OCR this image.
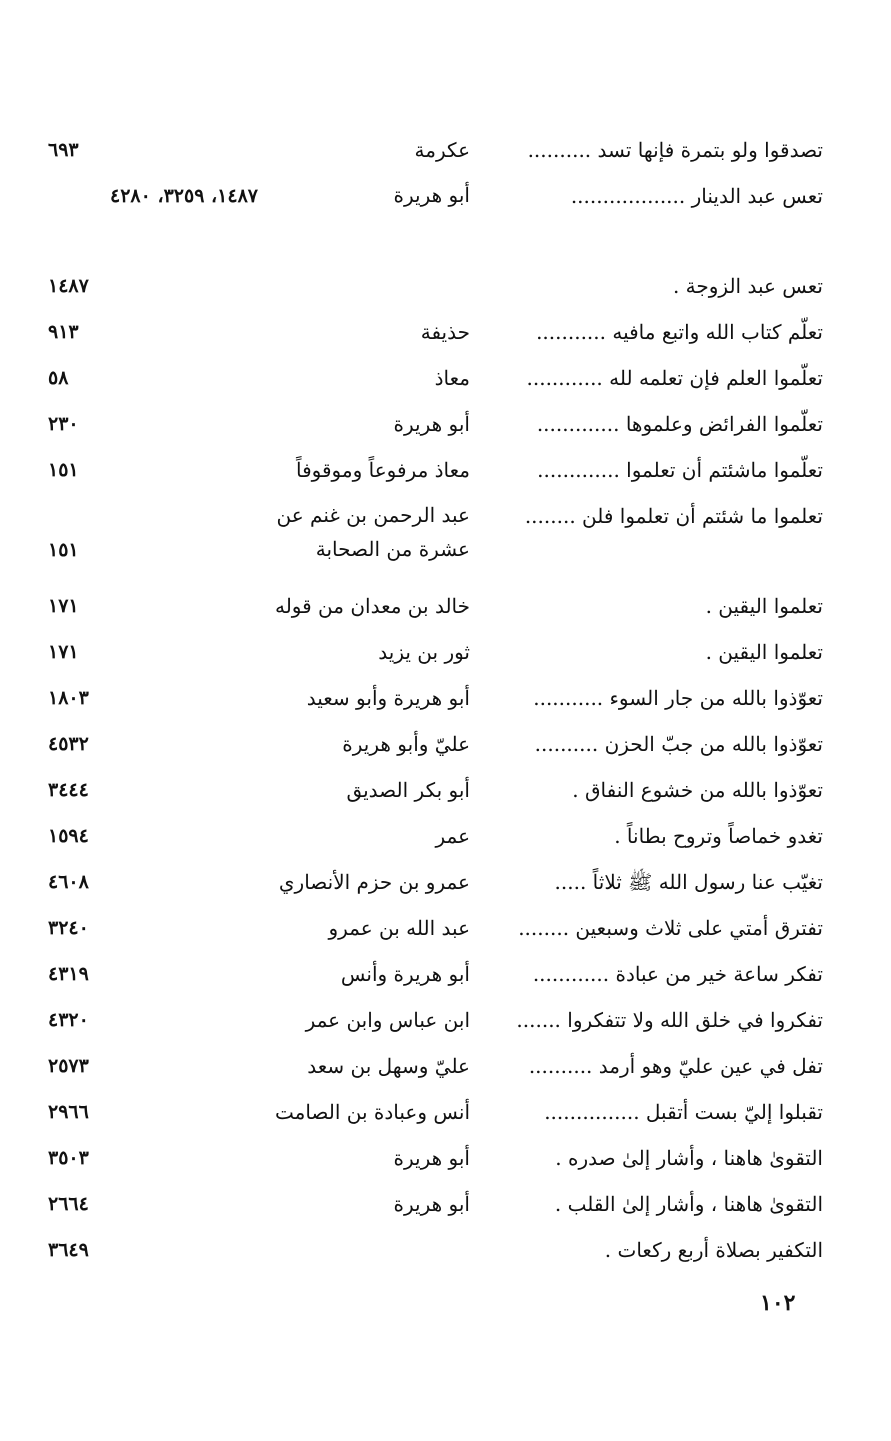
تصدقوا ولو بتمرة فإنها تسد ..........
عكرمة
٦٩٣
تعس عبد الدينار ..................
أبو هريرة
١٤٨٧، ٣٢٥٩، ٤٢٨٠
تعس عبد الزوجة .
١٤٨٧
تعلّم كتاب الله واتبع مافيه ...........
حذيفة
٩١٣
تعلّموا العلم فإن تعلمه لله ............
معاذ
٥٨
تعلّموا الفرائض وعلموها .............
أبو هريرة
٢٣٠
تعلّموا ماشئتم أن تعلموا .............
معاذ مرفوعاً وموقوفاً
١٥١
تعلموا ما شئتم أن تعلموا فلن ........
عبد الرحمن بن غنم عن عشرة من الصحابة
١٥١
تعلموا اليقين .
خالد بن معدان من قوله
١٧١
تعلموا اليقين .
ثور بن يزيد
١٧١
تعوّذوا بالله من جار السوء ...........
أبو هريرة وأبو سعيد
١٨٠٣
تعوّذوا بالله من جبّ الحزن ..........
عليّ وأبو هريرة
٤٥٣٢
تعوّذوا بالله من خشوع النفاق .
أبو بكر الصديق
٣٤٤٤
تغدو خماصاً وتروح بطاناً .
عمر
١٥٩٤
تغيّب عنا رسول الله ﷺ ثلاثاً .....
عمرو بن حزم الأنصاري
٤٦٠٨
تفترق أمتي على ثلاث وسبعين ........
عبد الله بن عمرو
٣٢٤٠
تفكر ساعة خير من عبادة ............
أبو هريرة وأنس
٤٣١٩
تفكروا في خلق الله ولا تتفكروا .......
ابن عباس وابن عمر
٤٣٢٠
تفل في عين عليّ وهو أرمد ..........
عليّ وسهل بن سعد
٢٥٧٣
تقبلوا إليّ بست أتقبل ...............
أنس وعبادة بن الصامت
٢٩٦٦
التقوىٰ هاهنا ، وأشار إلىٰ صدره .
أبو هريرة
٣٥٠٣
التقوىٰ هاهنا ، وأشار إلىٰ القلب .
أبو هريرة
٢٦٦٤
التكفير بصلاة أربع ركعات .
٣٦٤٩
١٠٢
